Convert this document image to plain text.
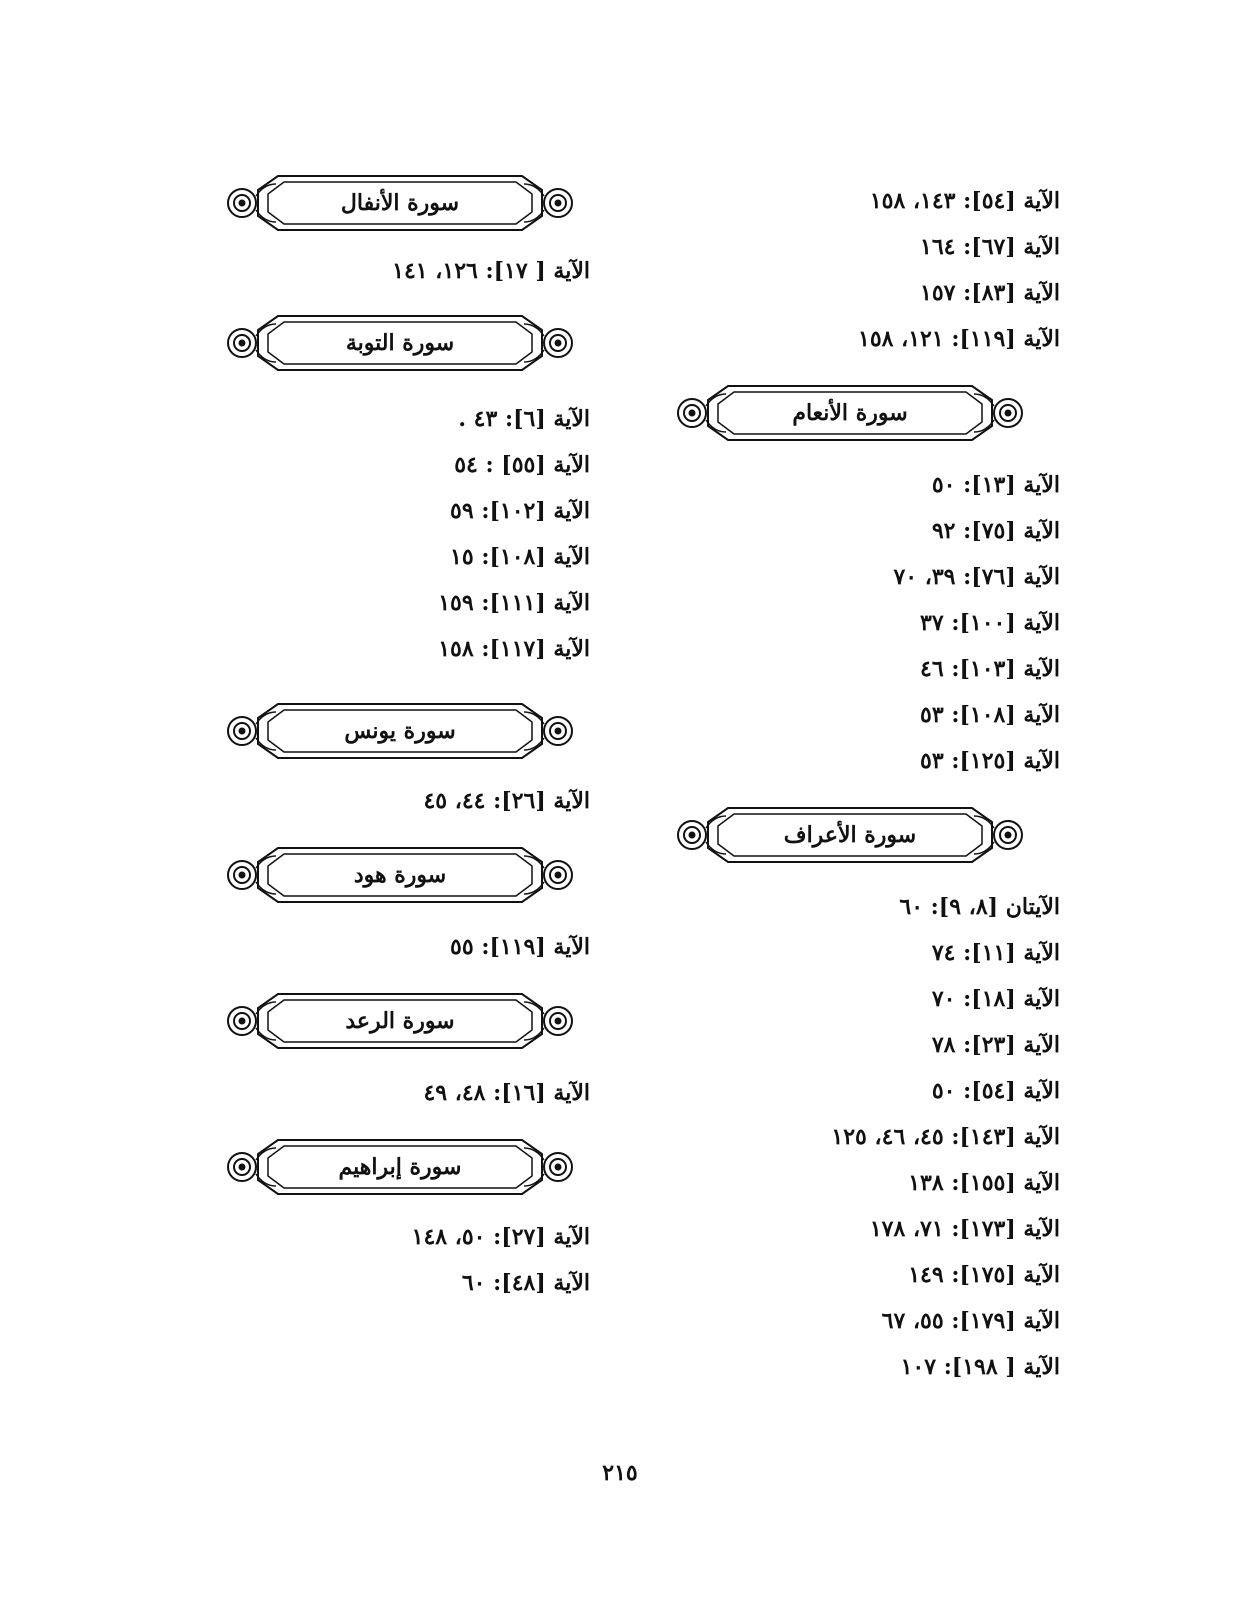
الآية [٥٤]: ١٤٣، ١٥٨
الآية [٦٧]: ١٦٤
الآية [٨٣]: ١٥٧
الآية [١١٩]: ١٢١، ١٥٨
سورة الأنعام
الآية [١٣]: ٥٠
الآية [٧٥]: ٩٢
الآية [٧٦]: ٣٩، ٧٠
الآية [١٠٠]: ٣٧
الآية [١٠٣]: ٤٦
الآية [١٠٨]: ٥٣
الآية [١٢٥]: ٥٣
سورة الأعراف
الآيتان [٨، ٩]: ٦٠
الآية [١١]: ٧٤
الآية [١٨]: ٧٠
الآية [٢٣]: ٧٨
الآية [٥٤]: ٥٠
الآية [١٤٣]: ٤٥، ٤٦، ١٢٥
الآية [١٥٥]: ١٣٨
الآية [١٧٣]: ٧١، ١٧٨
الآية [١٧٥]: ١٤٩
الآية [١٧٩]: ٥٥، ٦٧
الآية [ ١٩٨]: ١٠٧
سورة الأنفال
الآية [ ١٧]: ١٢٦، ١٤١
سورة التوبة
الآية [٦]: ٤٣ .
الآية [٥٥] : ٥٤
الآية [١٠٢]: ٥٩
الآية [١٠٨]: ١٥
الآية [١١١]: ١٥٩
الآية [١١٧]: ١٥٨
سورة يونس
الآية [٢٦]: ٤٤، ٤٥
سورة هود
الآية [١١٩]: ٥٥
سورة الرعد
الآية [١٦]: ٤٨، ٤٩
سورة إبراهيم
الآية [٢٧]: ٥٠، ١٤٨
الآية [٤٨]: ٦٠
٢١٥
